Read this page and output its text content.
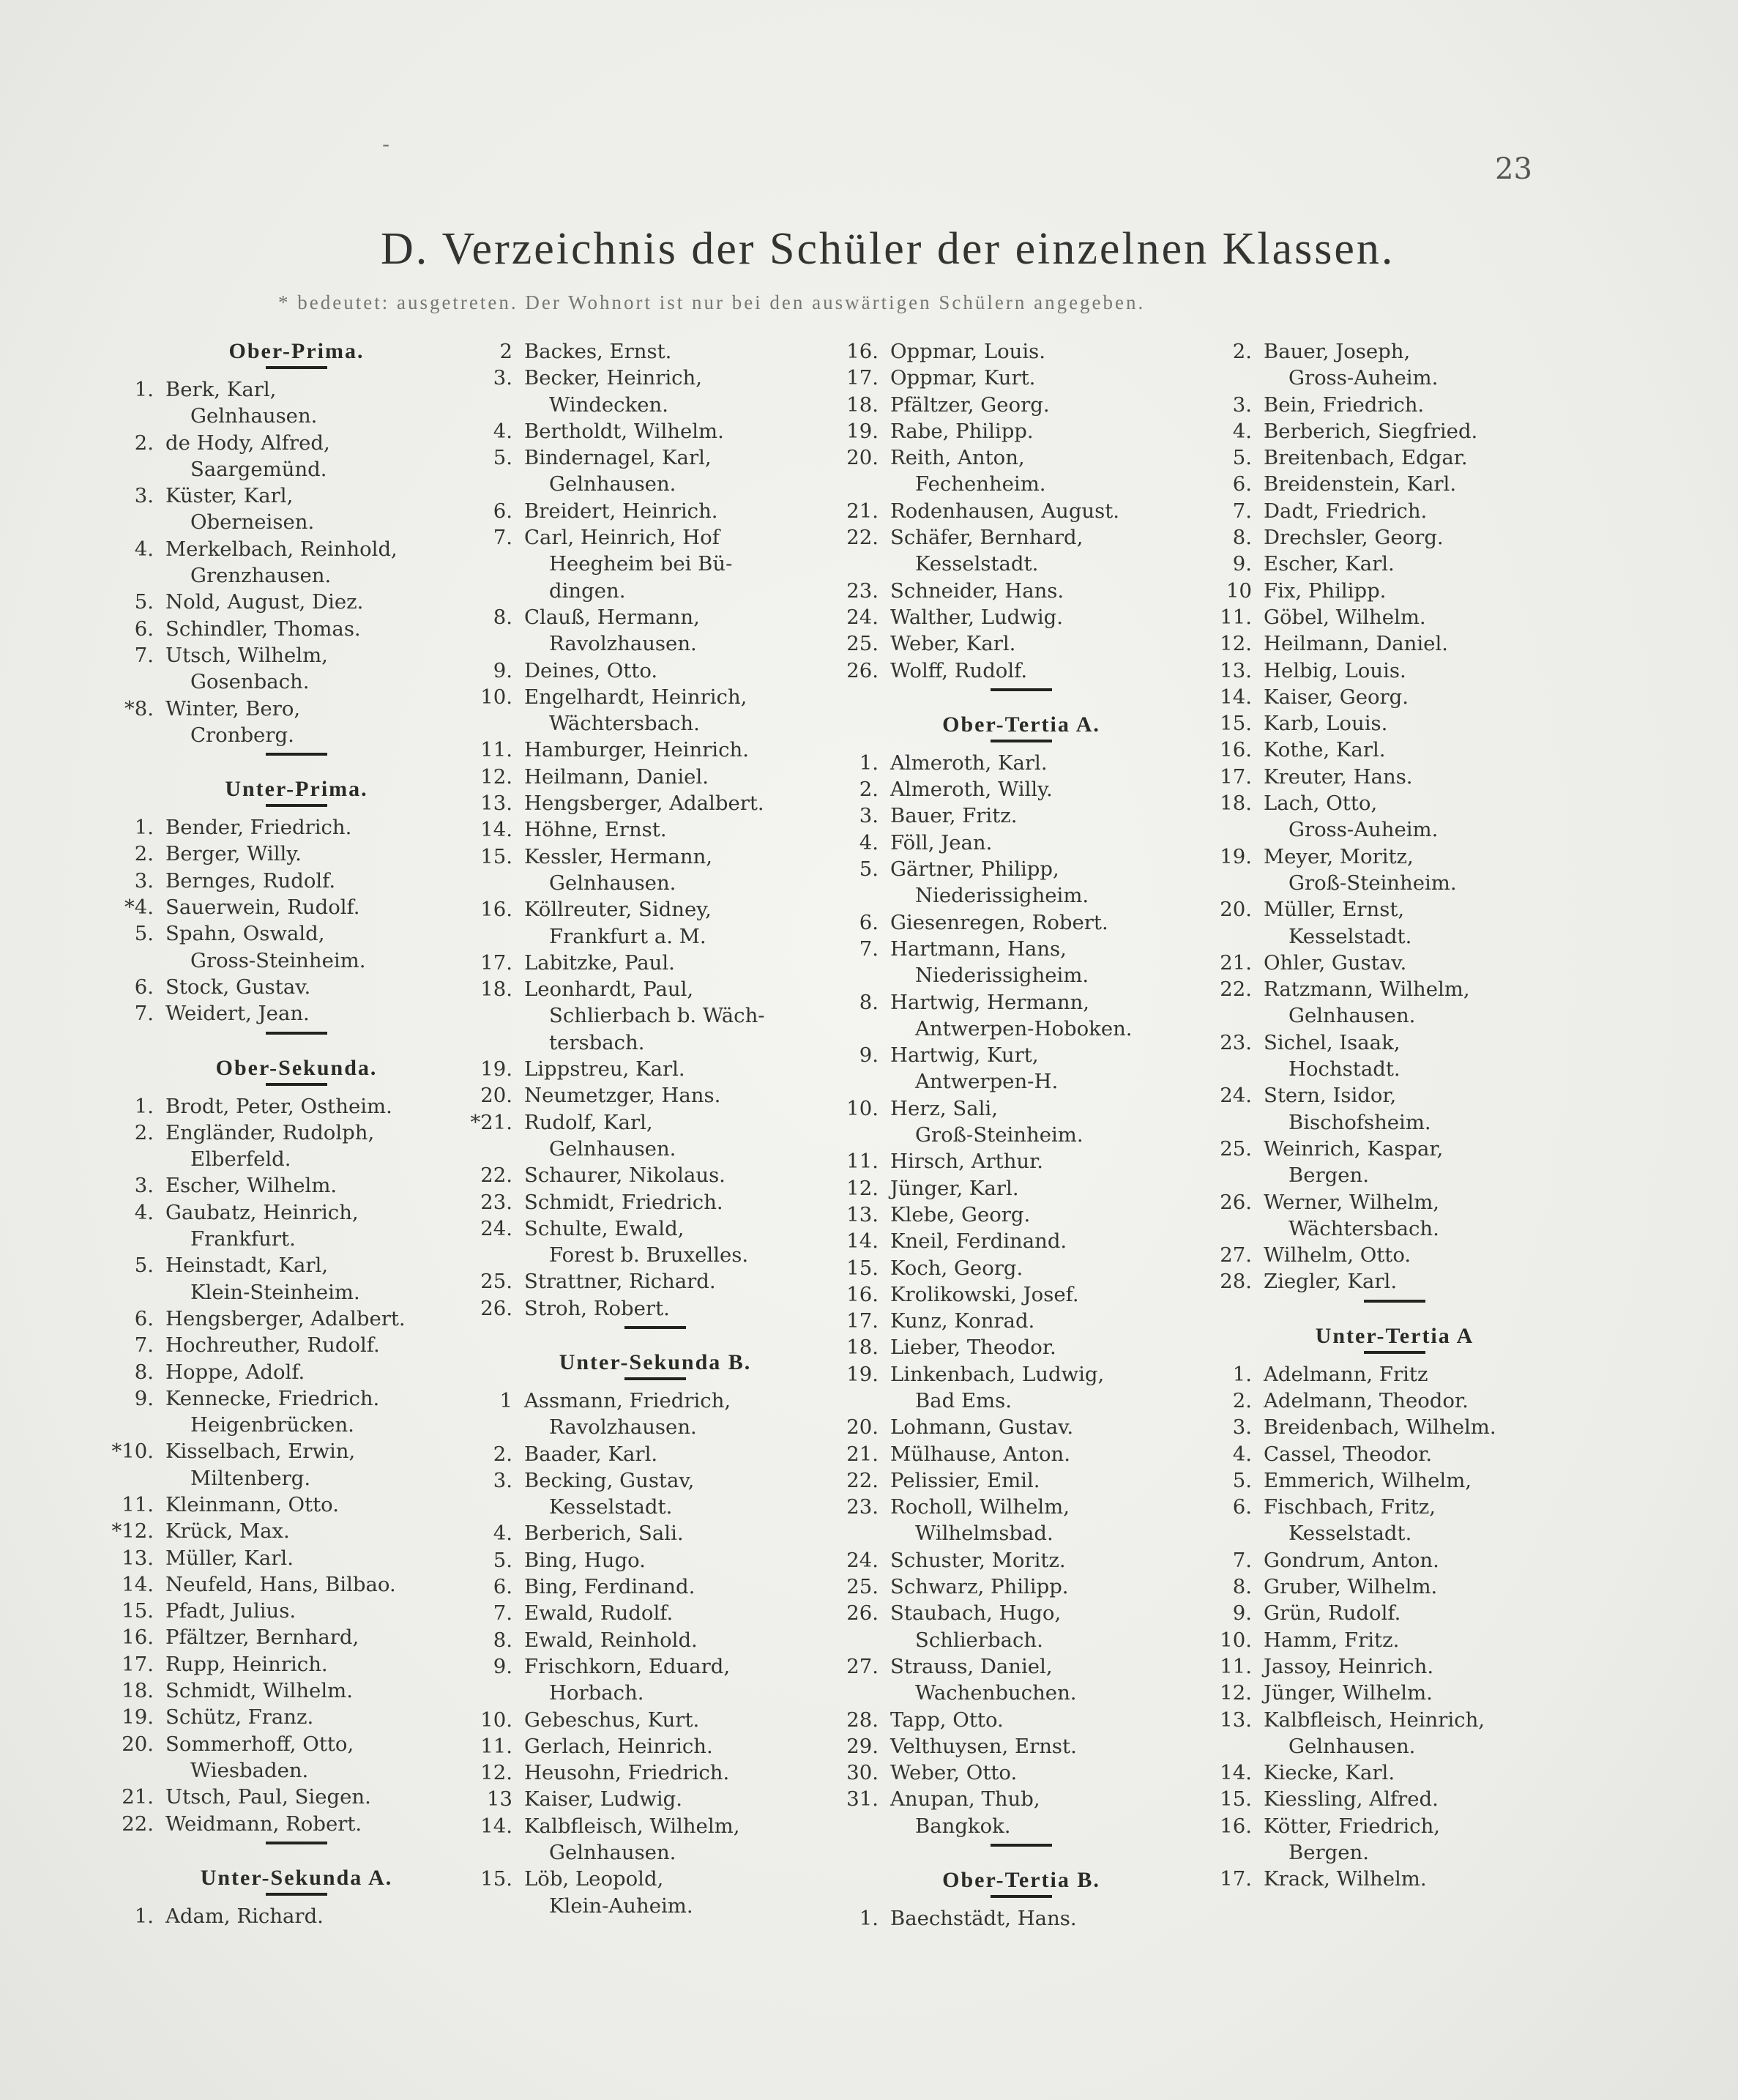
-
23
D. Verzeichnis der Schüler der einzelnen Klassen.
* bedeutet: ausgetreten. Der Wohnort ist nur bei den auswärtigen Schülern angegeben.
Ober-Prima.
1. Berk, Karl,
Gelnhausen.
2. de Hody, Alfred,
Saargemünd.
3. Küster, Karl,
Oberneisen.
4. Merkelbach, Reinhold,
Grenzhausen.
5. Nold, August, Diez.
6. Schindler, Thomas.
7. Utsch, Wilhelm,
Gosenbach.
*8. Winter, Bero,
Cronberg.
Unter-Prima.
1. Bender, Friedrich.
2. Berger, Willy.
3. Bernges, Rudolf.
*4. Sauerwein, Rudolf.
5. Spahn, Oswald,
Gross-Steinheim.
6. Stock, Gustav.
7. Weidert, Jean.
Ober-Sekunda.
1. Brodt, Peter, Ostheim.
2. Engländer, Rudolph,
Elberfeld.
3. Escher, Wilhelm.
4. Gaubatz, Heinrich,
Frankfurt.
5. Heinstadt, Karl,
Klein-Steinheim.
6. Hengsberger, Adalbert.
7. Hochreuther, Rudolf.
8. Hoppe, Adolf.
9. Kennecke, Friedrich.
Heigenbrücken.
*10. Kisselbach, Erwin,
Miltenberg.
11. Kleinmann, Otto.
*12. Krück, Max.
13. Müller, Karl.
14. Neufeld, Hans, Bilbao.
15. Pfadt, Julius.
16. Pfältzer, Bernhard,
17. Rupp, Heinrich.
18. Schmidt, Wilhelm.
19. Schütz, Franz.
20. Sommerhoff, Otto,
Wiesbaden.
21. Utsch, Paul, Siegen.
22. Weidmann, Robert.
Unter-Sekunda A.
1. Adam, Richard.
2 Backes, Ernst.
3. Becker, Heinrich,
Windecken.
4. Bertholdt, Wilhelm.
5. Bindernagel, Karl,
Gelnhausen.
6. Breidert, Heinrich.
7. Carl, Heinrich, Hof
Heegheim bei Bü-
dingen.
8. Clauß, Hermann,
Ravolzhausen.
9. Deines, Otto.
10. Engelhardt, Heinrich,
Wächtersbach.
11. Hamburger, Heinrich.
12. Heilmann, Daniel.
13. Hengsberger, Adalbert.
14. Höhne, Ernst.
15. Kessler, Hermann,
Gelnhausen.
16. Köllreuter, Sidney,
Frankfurt a. M.
17. Labitzke, Paul.
18. Leonhardt, Paul,
Schlierbach b. Wäch-
tersbach.
19. Lippstreu, Karl.
20. Neumetzger, Hans.
*21. Rudolf, Karl,
Gelnhausen.
22. Schaurer, Nikolaus.
23. Schmidt, Friedrich.
24. Schulte, Ewald,
Forest b. Bruxelles.
25. Strattner, Richard.
26. Stroh, Robert.
Unter-Sekunda B.
1 Assmann, Friedrich,
Ravolzhausen.
2. Baader, Karl.
3. Becking, Gustav,
Kesselstadt.
4. Berberich, Sali.
5. Bing, Hugo.
6. Bing, Ferdinand.
7. Ewald, Rudolf.
8. Ewald, Reinhold.
9. Frischkorn, Eduard,
Horbach.
10. Gebeschus, Kurt.
11. Gerlach, Heinrich.
12. Heusohn, Friedrich.
13 Kaiser, Ludwig.
14. Kalbfleisch, Wilhelm,
Gelnhausen.
15. Löb, Leopold,
Klein-Auheim.
16. Oppmar, Louis.
17. Oppmar, Kurt.
18. Pfältzer, Georg.
19. Rabe, Philipp.
20. Reith, Anton,
Fechenheim.
21. Rodenhausen, August.
22. Schäfer, Bernhard,
Kesselstadt.
23. Schneider, Hans.
24. Walther, Ludwig.
25. Weber, Karl.
26. Wolff, Rudolf.
Ober-Tertia A.
1. Almeroth, Karl.
2. Almeroth, Willy.
3. Bauer, Fritz.
4. Föll, Jean.
5. Gärtner, Philipp,
Niederissigheim.
6. Giesenregen, Robert.
7. Hartmann, Hans,
Niederissigheim.
8. Hartwig, Hermann,
Antwerpen-Hoboken.
9. Hartwig, Kurt,
Antwerpen-H.
10. Herz, Sali,
Groß-Steinheim.
11. Hirsch, Arthur.
12. Jünger, Karl.
13. Klebe, Georg.
14. Kneil, Ferdinand.
15. Koch, Georg.
16. Krolikowski, Josef.
17. Kunz, Konrad.
18. Lieber, Theodor.
19. Linkenbach, Ludwig,
Bad Ems.
20. Lohmann, Gustav.
21. Mülhause, Anton.
22. Pelissier, Emil.
23. Rocholl, Wilhelm,
Wilhelmsbad.
24. Schuster, Moritz.
25. Schwarz, Philipp.
26. Staubach, Hugo,
Schlierbach.
27. Strauss, Daniel,
Wachenbuchen.
28. Tapp, Otto.
29. Velthuysen, Ernst.
30. Weber, Otto.
31. Anupan, Thub,
Bangkok.
Ober-Tertia B.
1. Baechstädt, Hans.
2. Bauer, Joseph,
Gross-Auheim.
3. Bein, Friedrich.
4. Berberich, Siegfried.
5. Breitenbach, Edgar.
6. Breidenstein, Karl.
7. Dadt, Friedrich.
8. Drechsler, Georg.
9. Escher, Karl.
10 Fix, Philipp.
11. Göbel, Wilhelm.
12. Heilmann, Daniel.
13. Helbig, Louis.
14. Kaiser, Georg.
15. Karb, Louis.
16. Kothe, Karl.
17. Kreuter, Hans.
18. Lach, Otto,
Gross-Auheim.
19. Meyer, Moritz,
Groß-Steinheim.
20. Müller, Ernst,
Kesselstadt.
21. Ohler, Gustav.
22. Ratzmann, Wilhelm,
Gelnhausen.
23. Sichel, Isaak,
Hochstadt.
24. Stern, Isidor,
Bischofsheim.
25. Weinrich, Kaspar,
Bergen.
26. Werner, Wilhelm,
Wächtersbach.
27. Wilhelm, Otto.
28. Ziegler, Karl.
Unter-Tertia A
1. Adelmann, Fritz
2. Adelmann, Theodor.
3. Breidenbach, Wilhelm.
4. Cassel, Theodor.
5. Emmerich, Wilhelm,
6. Fischbach, Fritz,
Kesselstadt.
7. Gondrum, Anton.
8. Gruber, Wilhelm.
9. Grün, Rudolf.
10. Hamm, Fritz.
11. Jassoy, Heinrich.
12. Jünger, Wilhelm.
13. Kalbfleisch, Heinrich,
Gelnhausen.
14. Kiecke, Karl.
15. Kiessling, Alfred.
16. Kötter, Friedrich,
Bergen.
17. Krack, Wilhelm.
